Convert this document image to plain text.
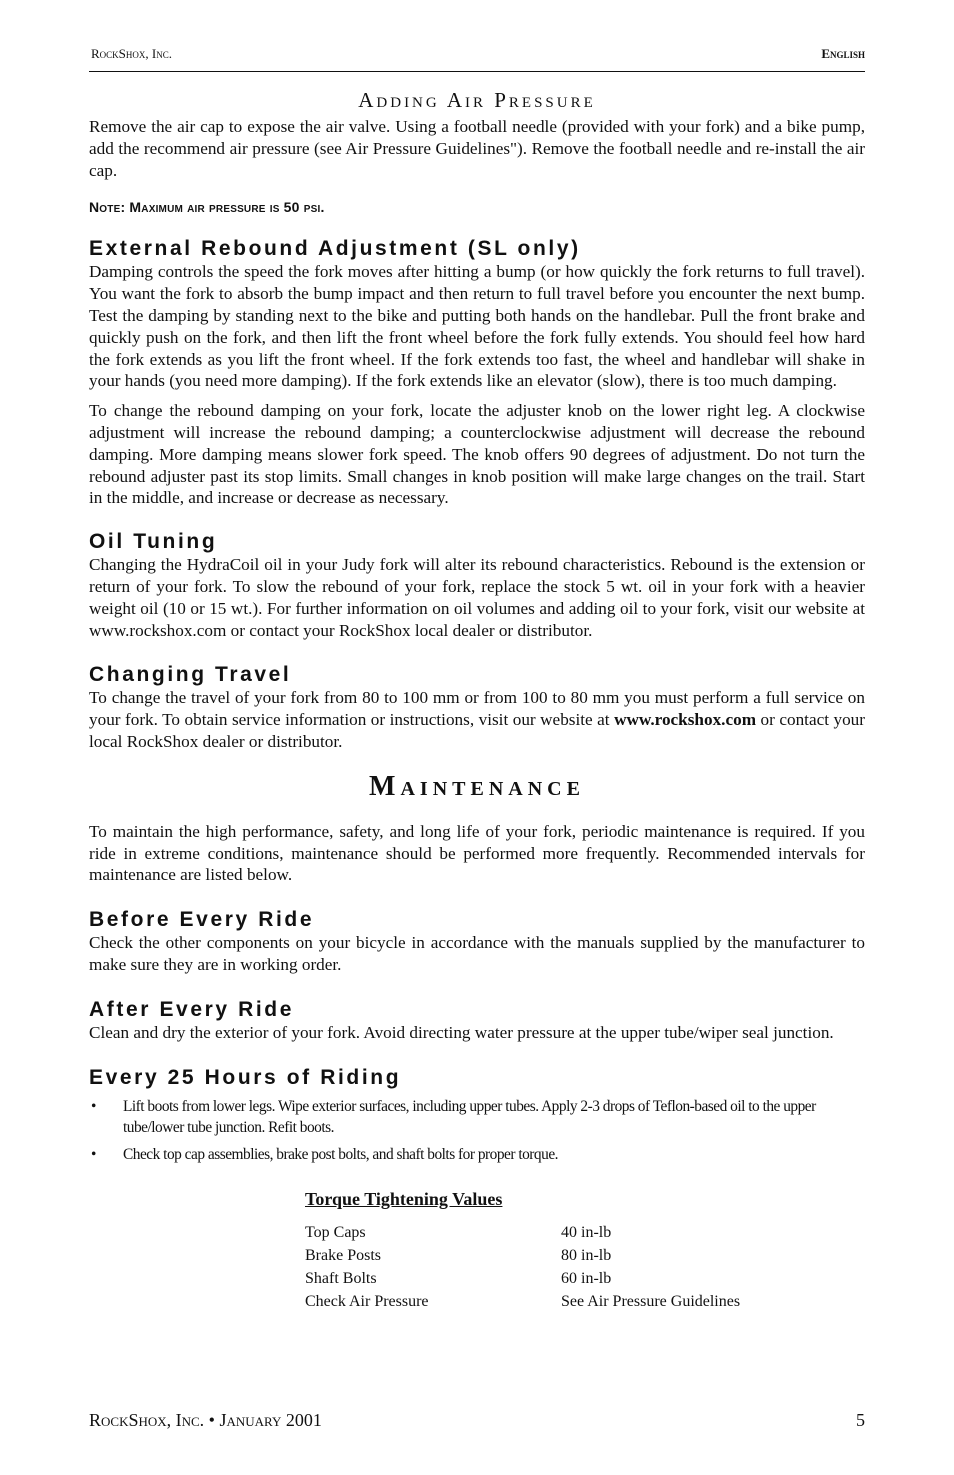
RockShox, Inc.	English
Adding Air Pressure

Remove the air cap to expose the air valve. Using a football needle (provided with your fork) and a bike pump, add the recommend air pressure (see Air Pressure Guidelines"). Remove the football needle and re-install the air cap.

Note: Maximum air pressure is 50 psi.
External Rebound Adjustment (SL only)

Damping controls the speed the fork moves after hitting a bump (or how quickly the fork returns to full travel). You want the fork to absorb the bump impact and then return to full travel before you encounter the next bump. Test the damping by standing next to the bike and putting both hands on the handlebar. Pull the front brake and quickly push on the fork, and then lift the front wheel before the fork fully extends. You should feel how hard the fork extends as you lift the front wheel. If the fork extends too fast, the wheel and handlebar will shake in your hands (you need more damping). If the fork extends like an elevator (slow), there is too much damping.

To change the rebound damping on your fork, locate the adjuster knob on the lower right leg. A clockwise adjustment will increase the rebound damping; a counterclockwise adjustment will decrease the rebound damping. More damping means slower fork speed. The knob offers 90 degrees of adjustment. Do not turn the rebound adjuster past its stop limits. Small changes in knob position will make large changes on the trail. Start in the middle, and increase or decrease as necessary.

Oil Tuning

Changing the HydraCoil oil in your Judy fork will alter its rebound characteristics. Rebound is the extension or return of your fork. To slow the rebound of your fork, replace the stock 5 wt. oil in your fork with a heavier weight oil (10 or 15 wt.). For further information on oil volumes and adding oil to your fork, visit our website at www.rockshox.com or contact your RockShox local dealer or distributor.

Changing Travel

To change the travel of your fork from 80 to 100 mm or from 100 to 80 mm you must perform a full service on your fork. To obtain service information or instructions, visit our website at www.rockshox.com or contact your local RockShox dealer or distributor.

Maintenance

To maintain the high performance, safety, and long life of your fork, periodic maintenance is required. If you ride in extreme conditions, maintenance should be performed more frequently. Recommended intervals for maintenance are listed below.

Before Every Ride

Check the other components on your bicycle in accordance with the manuals supplied by the manufacturer to make sure they are in working order.

After Every Ride

Clean and dry the exterior of your fork. Avoid directing water pressure at the upper tube/wiper seal junction.

Every 25 Hours of Riding
• Lift boots from lower legs. Wipe exterior surfaces, including upper tubes. Apply 2-3 drops of Teflon-based oil to the upper tube/lower tube junction. Refit boots.
• Check top cap assemblies, brake post bolts, and shaft bolts for proper torque.
Torque Tightening Values
Top Caps	40 in-lb
Brake Posts	80 in-lb
Shaft Bolts	60 in-lb
Check Air Pressure	See Air Pressure Guidelines
RockShox, Inc. • January 2001	5
